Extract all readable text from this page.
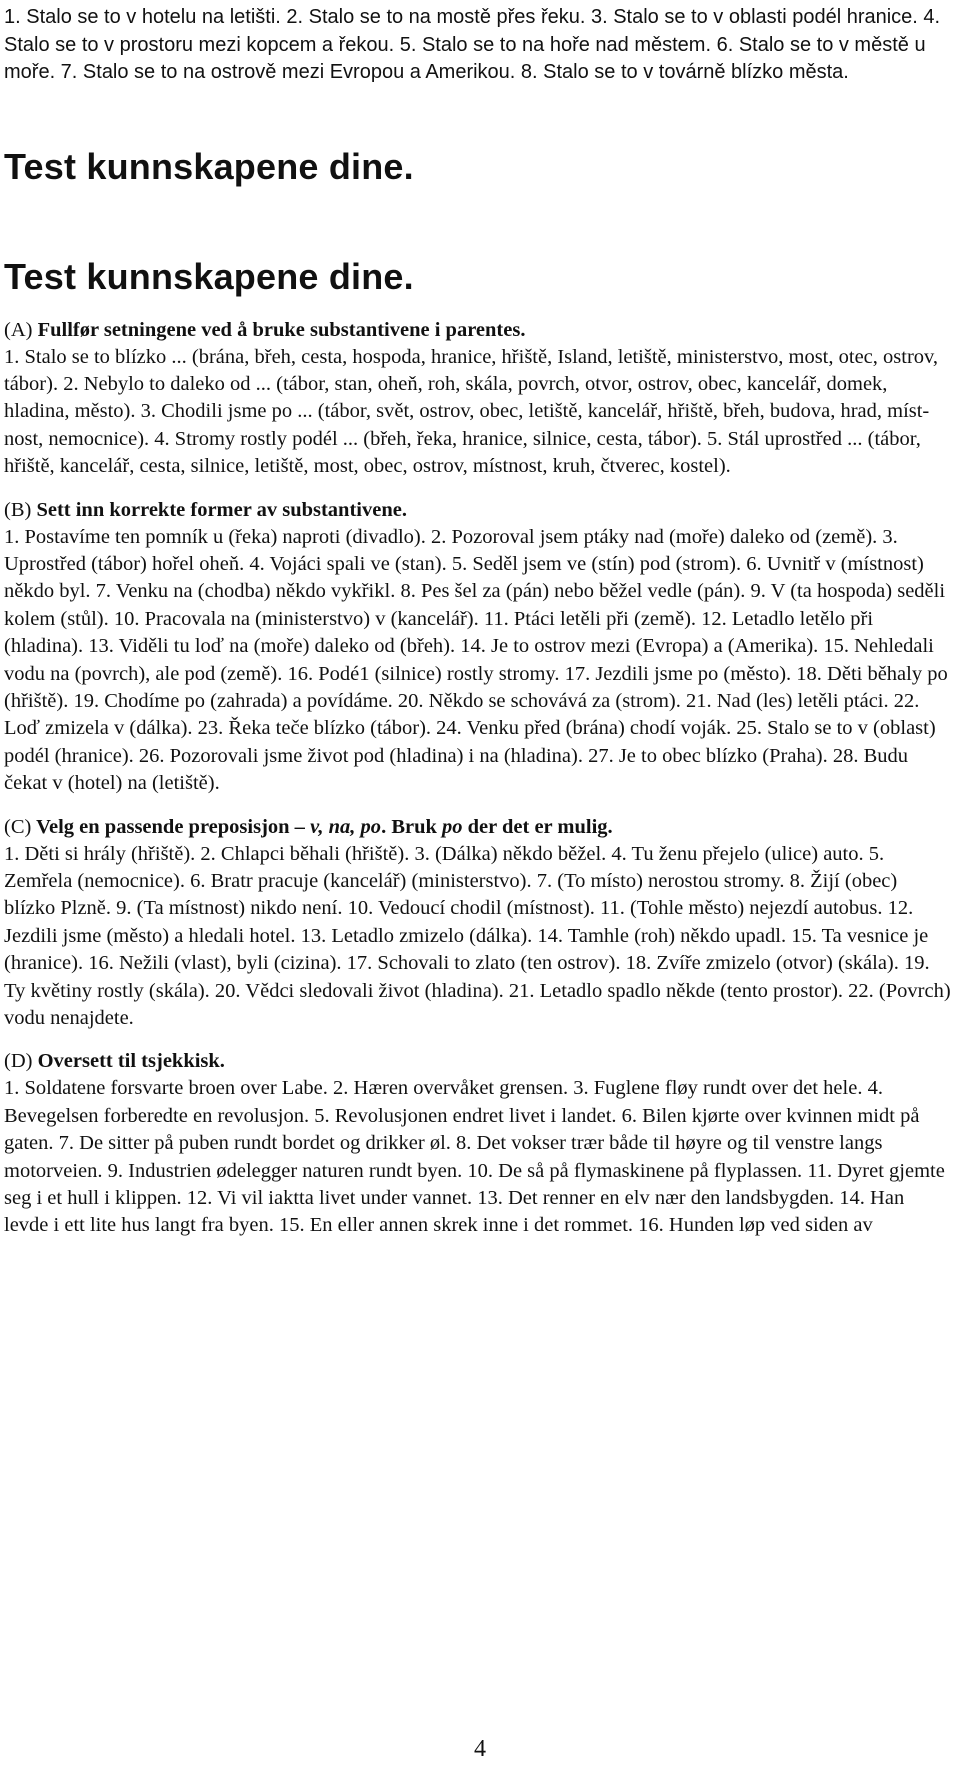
1. Stalo se to v hotelu na letišti. 2. Stalo se to na mostě přes řeku. 3. Stalo se to v oblasti podél hranice. 4. Stalo se to v prostoru mezi kopcem a řekou. 5. Stalo se to na hoře nad městem. 6. Stalo se to v městě u moře. 7. Stalo se to na ostrově mezi Evropou a Amerikou. 8. Stalo se to v továrně blízko města.

Test kunnskapene dine.
Test kunnskapene dine.

(A) Fullfør setningene ved å bruke substantivene i parentes.

1. Stalo se to blízko ... (brána, břeh, cesta, hospoda, hranice, hřiště, Island, letiště, ministerstvo, most, otec, ostrov, tábor). 2. Nebylo to daleko od ... (tábor, stan, oheň, roh, skála, povrch, otvor, ostrov, obec, kancelář, domek, hladina, město). 3. Chodili jsme po ... (tábor, svět, ostrov, obec, letiště, kancelář, hřiště, břeh, budova, hrad, míst-nost, nemocnice). 4. Stromy rostly podél ... (břeh, řeka, hranice, silnice, cesta, tábor). 5. Stál uprostřed ... (tábor, hřiště, kancelář, cesta, silnice, letiště, most, obec, ostrov, místnost, kruh, čtverec, kostel).

(B) Sett inn korrekte former av substantivene.

1. Postavíme ten pomník u (řeka) naproti (divadlo). 2. Pozoroval jsem ptáky nad (moře) daleko od (země). 3. Uprostřed (tábor) hořel oheň. 4. Vojáci spali ve (stan). 5. Seděl jsem ve (stín) pod (strom). 6. Uvnitř v (místnost) někdo byl. 7. Venku na (chodba) někdo vykřikl. 8. Pes šel za (pán) nebo běžel vedle (pán). 9. V (ta hospoda) seděli kolem (stůl). 10. Pracovala na (ministerstvo) v (kancelář). 11. Ptáci letěli při (země). 12. Letadlo letělo při (hladina). 13. Viděli tu loď na (moře) daleko od (břeh). 14. Je to ostrov mezi (Evropa) a (Amerika). 15. Nehledali vodu na (povrch), ale pod (země). 16. Podé1 (silnice) rostly stromy. 17. Jezdili jsme po (město). 18. Děti běhaly po (hřiště). 19. Chodíme po (zahrada) a povídáme. 20. Někdo se schovává za (strom). 21. Nad (les) letěli ptáci. 22. Loď zmizela v (dálka). 23. Řeka teče blízko (tábor). 24. Venku před (brána) chodí voják. 25. Stalo se to v (oblast) podél (hranice). 26. Pozorovali jsme život pod (hladina) i na (hladina). 27. Je to obec blízko (Praha). 28. Budu čekat v (hotel) na (letiště).

(C) Velg en passende preposisjon – v, na, po. Bruk po der det er mulig.

1. Děti si hrály (hřiště). 2. Chlapci běhali (hřiště). 3. (Dálka) někdo běžel. 4. Tu ženu přejelo (ulice) auto. 5. Zemřela (nemocnice). 6. Bratr pracuje (kancelář) (ministerstvo). 7. (To místo) nerostou stromy. 8. Žijí (obec) blízko Plzně. 9. (Ta místnost) nikdo není. 10. Vedoucí chodil (místnost). 11. (Tohle město) nejezdí autobus. 12. Jezdili jsme (město) a hledali hotel. 13. Letadlo zmizelo (dálka). 14. Tamhle (roh) někdo upadl. 15. Ta vesnice je (hranice). 16. Nežili (vlast), byli (cizina). 17. Schovali to zlato (ten ostrov). 18. Zvíře zmizelo (otvor) (skála). 19. Ty květiny rostly (skála). 20. Vědci sledovali život (hladina). 21. Letadlo spadlo někde (tento prostor). 22. (Povrch) vodu nenajdete.

(D) Oversett til tsjekkisk.

1. Soldatene forsvarte broen over Labe. 2. Hæren overvåket grensen. 3. Fuglene fløy rundt over det hele. 4. Bevegelsen forberedte en revolusjon. 5. Revolusjonen endret livet i landet. 6. Bilen kjørte over kvinnen midt på gaten. 7. De sitter på puben rundt bordet og drikker øl. 8. Det vokser trær både til høyre og til venstre langs motorveien. 9. Industrien ødelegger naturen rundt byen. 10. De så på flymaskinene på flyplassen. 11. Dyret gjemte seg i et hull i klippen. 12. Vi vil iaktta livet under vannet. 13. Det renner en elv nær den landsbygden. 14. Han levde i ett lite hus langt fra byen. 15. En eller annen skrek inne i det rommet. 16. Hunden løp ved siden av

4
